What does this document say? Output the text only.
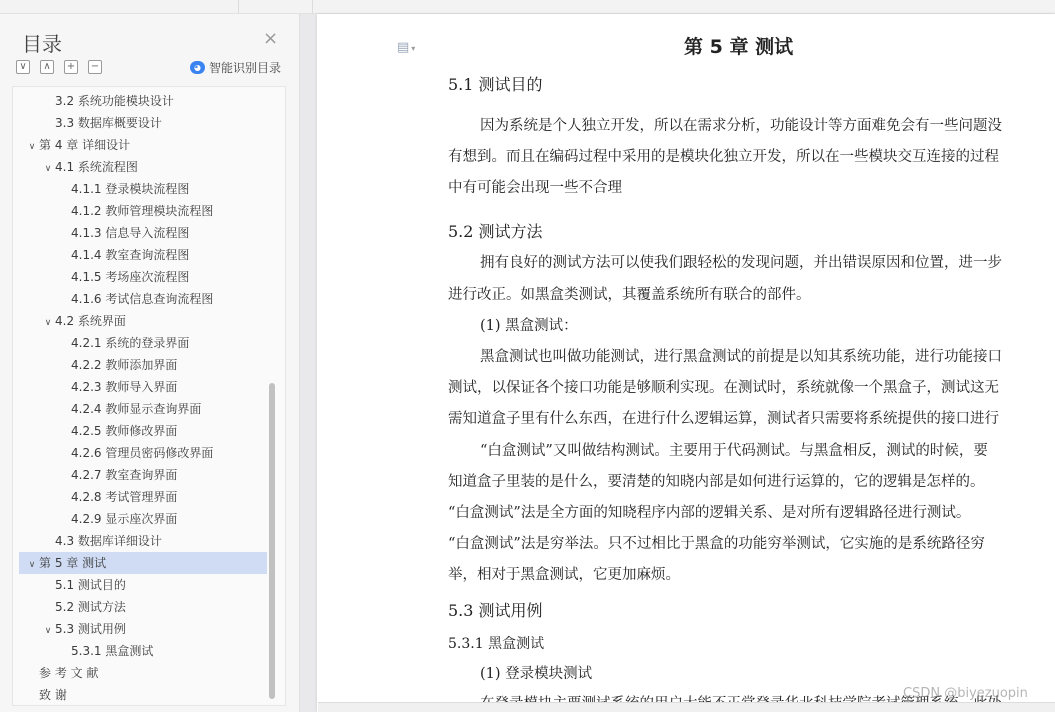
目录	×
∨	∧	+ −	◕ 智能识别目录
3.2 系统功能模块设计
3.3 数据库概要设计
∨ 第 4 章 详细设计
∨ 4.1 系统流程图
4.1.1 登录模块流程图
4.1.2 教师管理模块流程图
4.1.3 信息导入流程图
4.1.4 教室查询流程图
4.1.5 考场座次流程图
4.1.6 考试信息查询流程图
∨ 4.2 系统界面
4.2.1 系统的登录界面
4.2.2 教师添加界面
4.2.3 教师导入界面
4.2.4 教师显示查询界面
4.2.5 教师修改界面
4.2.6 管理员密码修改界面
4.2.7 教室查询界面
4.2.8 考试管理界面
4.2.9 显示座次界面
4.3 数据库详细设计
∨ 第 5 章 测试
5.1 测试目的
5.2 测试方法
∨ 5.3 测试用例
5.3.1 黑盒测试
参 考 文 献
致 谢
▤ ▾	第 5 章 测试
5.1 测试目的
因为系统是个人独立开发，所以在需求分析，功能设计等方面难免会有一些问题没
有想到。而且在编码过程中采用的是模块化独立开发，所以在一些模块交互连接的过程
中有可能会出现一些不合理
5.2 测试方法
拥有良好的测试方法可以使我们跟轻松的发现问题，并出错误原因和位置，进一步
进行改正。如黑盒类测试，其覆盖系统所有联合的部件。
(1) 黑盒测试：
黑盒测试也叫做功能测试，进行黑盒测试的前提是以知其系统功能，进行功能接口
测试，以保证各个接口功能是够顺利实现。在测试时，系统就像一个黑盒子，测试这无
需知道盒子里有什么东西，在进行什么逻辑运算，测试者只需要将系统提供的接口进行
“白盒测试”又叫做结构测试。主要用于代码测试。与黑盒相反，测试的时候，要
知道盒子里装的是什么，要清楚的知晓内部是如何进行运算的，它的逻辑是怎样的。
“白盒测试”法是全方面的知晓程序内部的逻辑关系、是对所有逻辑路径进行测试。
“白盒测试”法是穷举法。只不过相比于黑盒的功能穷举测试，它实施的是系统路径穷
举，相对于黑盒测试，它更加麻烦。
5.3 测试用例
5.3.1 黑盒测试
(1) 登录模块测试
CSDN @biyezuopin
